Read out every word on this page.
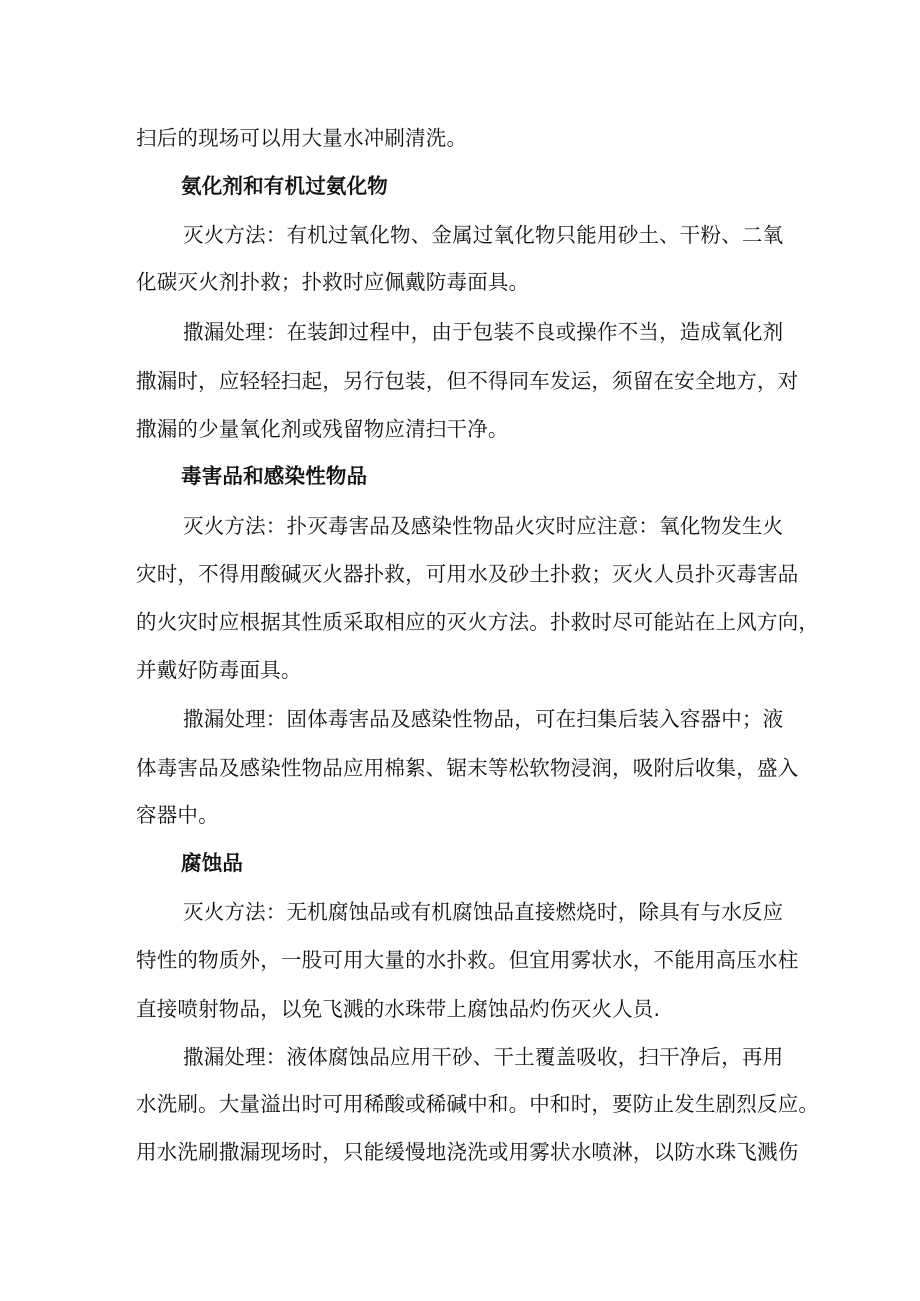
扫后的现场可以用大量水冲刷清洗。
氨化剂和有机过氨化物
灭火方法：有机过氧化物、金属过氧化物只能用砂土、干粉、二氧
化碳灭火剂扑救；扑救时应佩戴防毒面具。
撒漏处理：在装卸过程中，由于包装不良或操作不当，造成氧化剂
撒漏时，应轻轻扫起，另行包装，但不得同车发运，须留在安全地方，对
撒漏的少量氧化剂或残留物应清扫干净。
毒害品和感染性物品
灭火方法：扑灭毒害品及感染性物品火灾时应注意：氧化物发生火
灾时，不得用酸碱灭火器扑救，可用水及砂土扑救；灭火人员扑灭毒害品
的火灾时应根据其性质采取相应的灭火方法。扑救时尽可能站在上风方向，
并戴好防毒面具。
撒漏处理：固体毒害品及感染性物品，可在扫集后装入容器中；液
体毒害品及感染性物品应用棉絮、锯末等松软物浸润，吸附后收集，盛入
容器中。
腐蚀品
灭火方法：无机腐蚀品或有机腐蚀品直接燃烧时，除具有与水反应
特性的物质外，一股可用大量的水扑救。但宜用雾状水，不能用高压水柱
直接喷射物品，以免飞溅的水珠带上腐蚀品灼伤灭火人员.
撒漏处理：液体腐蚀品应用干砂、干土覆盖吸收，扫干净后，再用
水洗刷。大量溢出时可用稀酸或稀碱中和。中和时，要防止发生剧烈反应。
用水洗刷撒漏现场时，只能缓慢地浇洗或用雾状水喷淋，以防水珠飞溅伤
